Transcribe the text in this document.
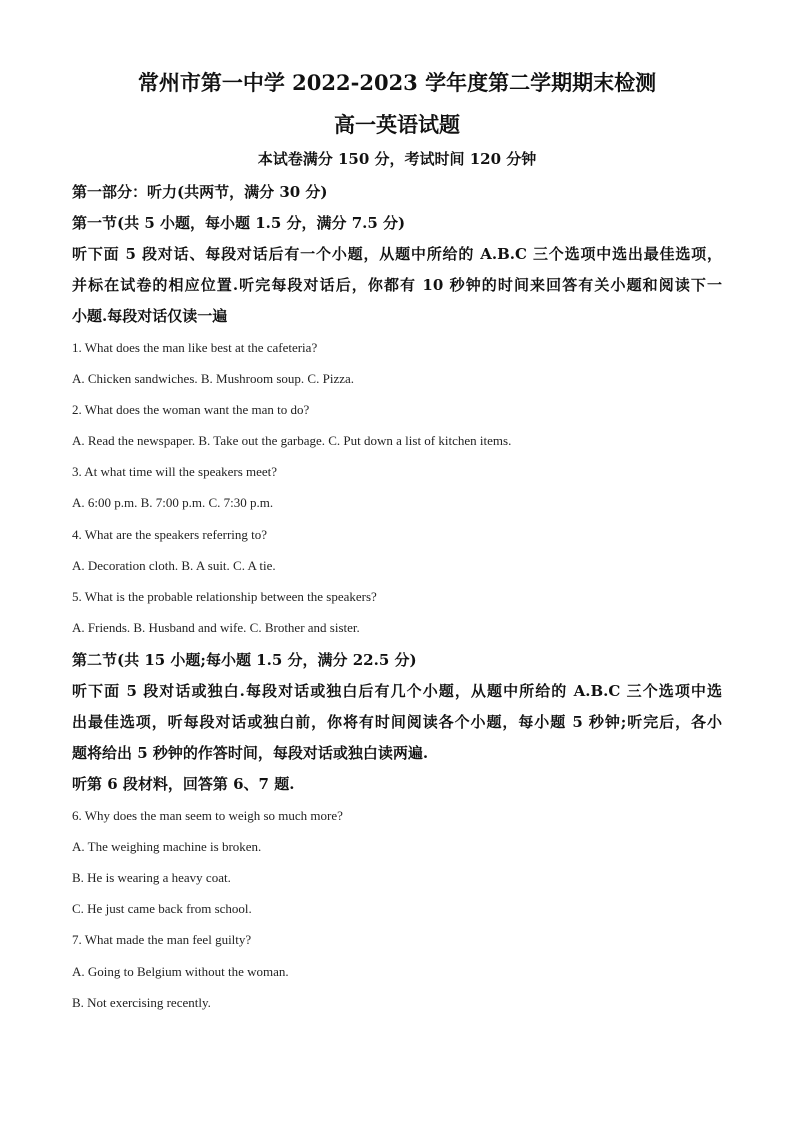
常州市第一中学 2022-2023 学年度第二学期期末检测
高一英语试题
本试卷满分 150 分，考试时间 120 分钟
第一部分：听力(共两节，满分 30 分)
第一节(共 5 小题，每小题 1.5 分，满分 7.5 分)
听下面 5 段对话、每段对话后有一个小题，从题中所给的 A.B.C 三个选项中选出最佳选项，
并标在试卷的相应位置.听完每段对话后，你都有 10 秒钟的时间来回答有关小题和阅读下一
小题.每段对话仅读一遍
1. What does the man like best at the cafeteria?
A. Chicken sandwiches. B. Mushroom soup. C. Pizza.
2. What does the woman want the man to do?
A. Read the newspaper. B. Take out the garbage. C. Put down a list of kitchen items.
3. At what time will the speakers meet?
A. 6:00 p.m. B. 7:00 p.m. C. 7:30 p.m.
4. What are the speakers referring to?
A. Decoration cloth. B. A suit. C. A tie.
5. What is the probable relationship between the speakers?
A. Friends. B. Husband and wife. C. Brother and sister.
第二节(共 15 小题;每小题 1.5 分，满分 22.5 分)
听下面 5 段对话或独白.每段对话或独白后有几个小题，从题中所给的 A.B.C 三个选项中选
出最佳选项，听每段对话或独白前，你将有时间阅读各个小题，每小题 5 秒钟;听完后，各小
题将给出 5 秒钟的作答时间，每段对话或独白读两遍.
听第 6 段材料，回答第 6、7 题.
6. Why does the man seem to weigh so much more?
A. The weighing machine is broken.
B. He is wearing a heavy coat.
C. He just came back from school.
7. What made the man feel guilty?
A. Going to Belgium without the woman.
B. Not exercising recently.
